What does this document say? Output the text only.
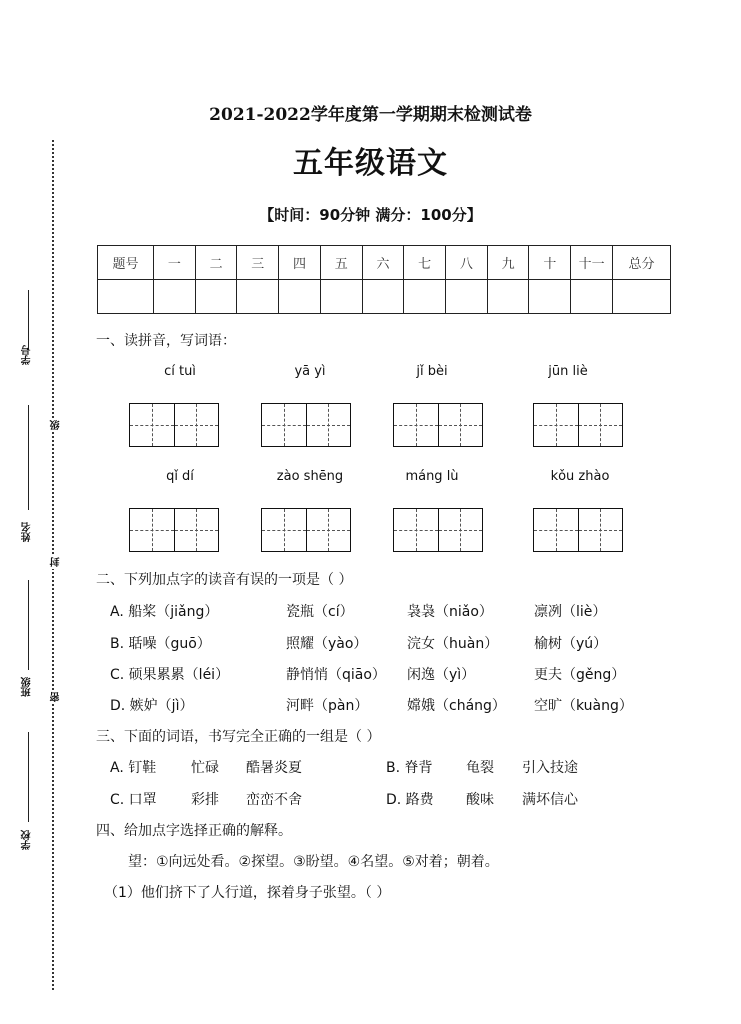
学号
级
姓名
封
班级 密
学校
2021-2022学年度第一学期期末检测试卷
五年级语文
【时间：90分钟 满分：100分】
题号	一	二	三	四	五	六	七	八	九	十	十一	总分

一、读拼音，写词语：
cí tuì	yā yì	jǐ bèi	jūn liè
qǐ dí	zào shēng	máng lù	kǒu zhào
二、下列加点字的读音有误的一项是（ ）
A. 船桨（jiǎng）	瓷瓶（cí）	袅袅（niǎo）	凛冽（liè）
B. 聒噪（guō）	照耀（yào）	浣女（huàn）	榆树（yú）
C. 硕果累累（léi）	静悄悄（qiāo） 闲逸（yì）	更夫（gěng）
D. 嫉妒（jì）	河畔（pàn）	嫦娥（cháng） 空旷（kuàng）
三、下面的词语，书写完全正确的一组是（ ）
A. 钉鞋 忙碌 酷暑炎夏	B. 脊背 龟裂 引入技途
C. 口罩 彩排 峦峦不舍	D. 路费 酸味 满坏信心
四、给加点字选择正确的解释。
望：①向远处看。②探望。③盼望。④名望。⑤对着；朝着。
（1）他们挤下了人行道，探着身子张望。（ ）
